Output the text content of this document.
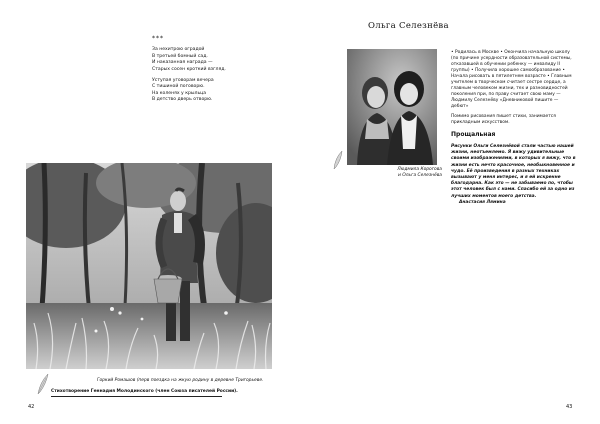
***
За нехитрою оградой
В третьей бомный сад.
И наказанная награда —
Старых сосен кроткий взгляд.
Уступая уговорам вечера
С тишиной поговорю.
На коленях у крыльца
В детство дверь отворю.
Горкий Ромашов (перв поездка на жкую родину в деревне Тригорьеве.
Стихотворение Геннадия Молодинского (член Союза писателей России).
42
Ольга Селезнёва
Людмила Корогова
и Ольга Селезнёва

• Родилась в Москве • Окончила начальную школу (по причине усердности образовательной системы, отказавшей в обучении ребенку — инвалиду II группы) • Получила хорошее самообразование • Начала рисовать в пятилетнем возрасте • Главным учителем в творческом считает сестре сердце, а главным человеком жизни, тех и разновидностей поколения при, по праву считает свою маму — Людмилу Селезнёву «Дневниковой пишите — дебют»

Помимо рисования пишет стихи, занимается прикладным искусством.

Прощальная
Рисунки Ольги Селезнёвой стали частью нашей жизни, неотъемлемо. Я вижу удивительные своими изображениями, в которых я вижу, что в жизни есть нечто красочное, необыкновенное и чудо. Её произведения в разных техниках вызывают у меня интерес, и я ей искренне благодарна. Как это — не забываемо по, чтобы этот человек был с нами. Спасибо ей за одно из лучших моментов моего детства.
Анастасия Лямина
43
